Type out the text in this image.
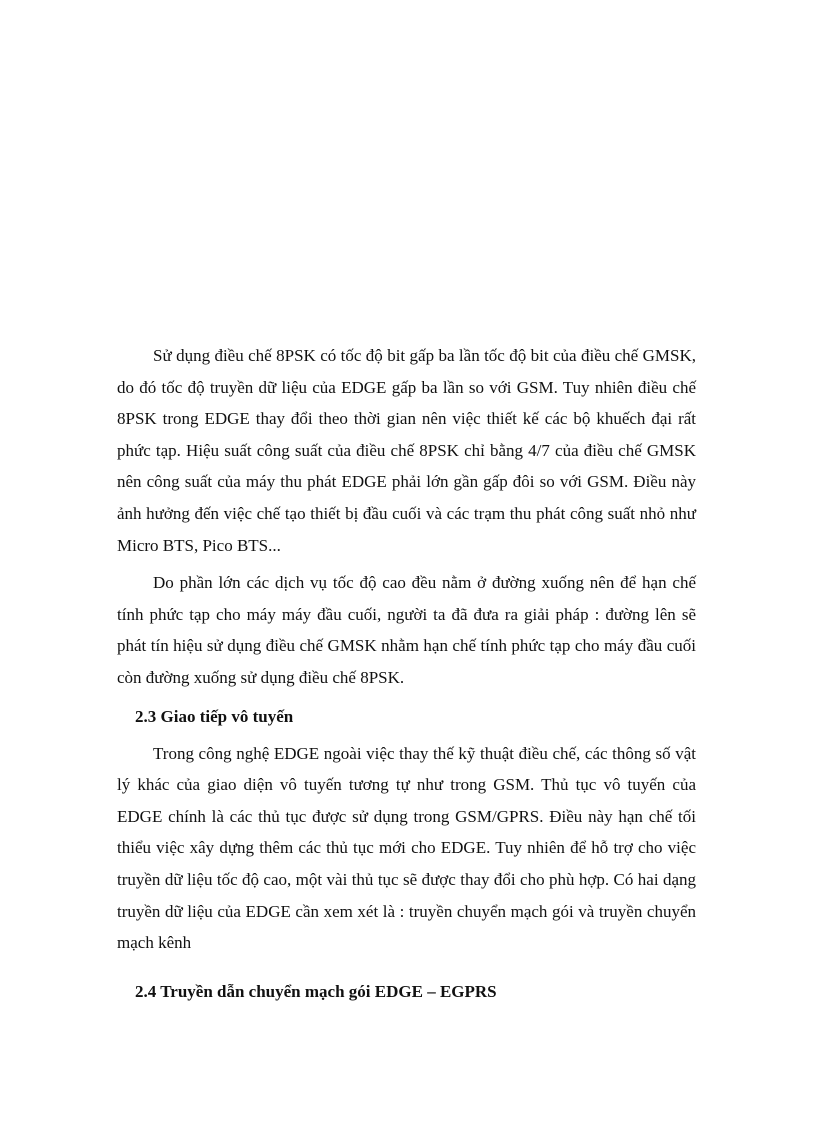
Sử dụng điều chế 8PSK có tốc độ bit gấp ba lần tốc độ bit của điều chế GMSK, do đó tốc độ truyền dữ liệu của EDGE gấp ba lần so với GSM. Tuy nhiên điều chế 8PSK trong EDGE thay đổi theo thời gian nên việc thiết kế các bộ khuếch đại rất phức tạp. Hiệu suất công suất của điều chế 8PSK chỉ bằng 4/7 của điều chế GMSK nên công suất của máy thu phát EDGE phải lớn gần gấp đôi so với GSM. Điều này ảnh hưởng đến việc chế tạo thiết bị đầu cuối và các trạm thu phát công suất nhỏ như Micro BTS, Pico BTS...

Do phần lớn các dịch vụ tốc độ cao đều nằm ở đường xuống nên để hạn chế tính phức tạp cho máy máy đầu cuối, người ta đã đưa ra giải pháp : đường lên sẽ phát tín hiệu sử dụng điều chế GMSK nhằm hạn chế tính phức tạp cho máy đầu cuối còn đường xuống sử dụng điều chế 8PSK.

2.3 Giao tiếp vô tuyến

Trong công nghệ EDGE ngoài việc thay thế kỹ thuật điều chế, các thông số vật lý khác của giao diện vô tuyến tương tự như trong GSM. Thủ tục vô tuyến của EDGE chính là các thủ tục được sử dụng trong GSM/GPRS. Điều này hạn chế tối thiểu việc xây dựng thêm các thủ tục mới cho EDGE. Tuy nhiên để hỗ trợ cho việc truyền dữ liệu tốc độ cao, một vài thủ tục sẽ được thay đổi cho phù hợp. Có hai dạng truyền dữ liệu của EDGE cần xem xét là : truyền chuyển mạch gói và truyền chuyển mạch kênh

2.4 Truyền dẫn chuyển mạch gói EDGE – EGPRS
